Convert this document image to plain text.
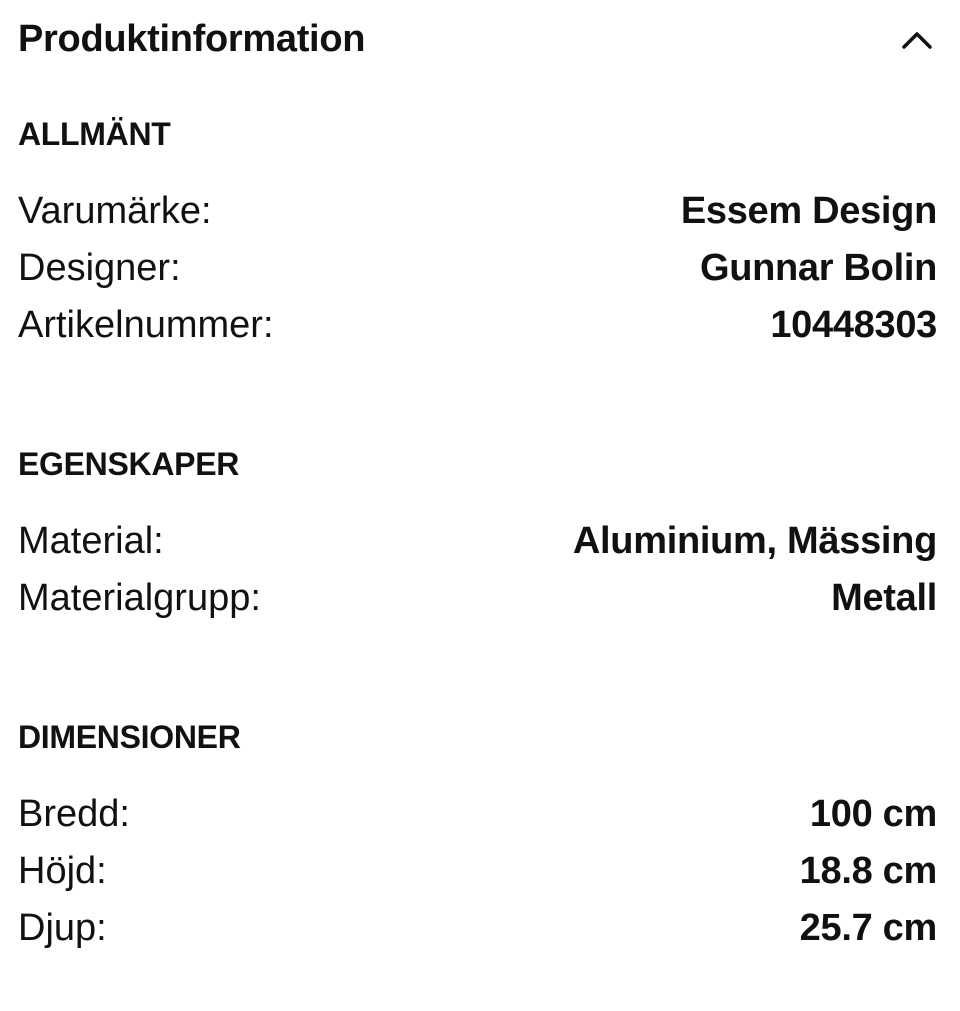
Produktinformation
ALLMÄNT
Varumärke:	Essem Design
Designer:	Gunnar Bolin
Artikelnummer:	10448303
EGENSKAPER
Material:	Aluminium, Mässing
Materialgrupp:	Metall
DIMENSIONER
Bredd:	100 cm
Höjd:	18.8 cm
Djup:	25.7 cm
